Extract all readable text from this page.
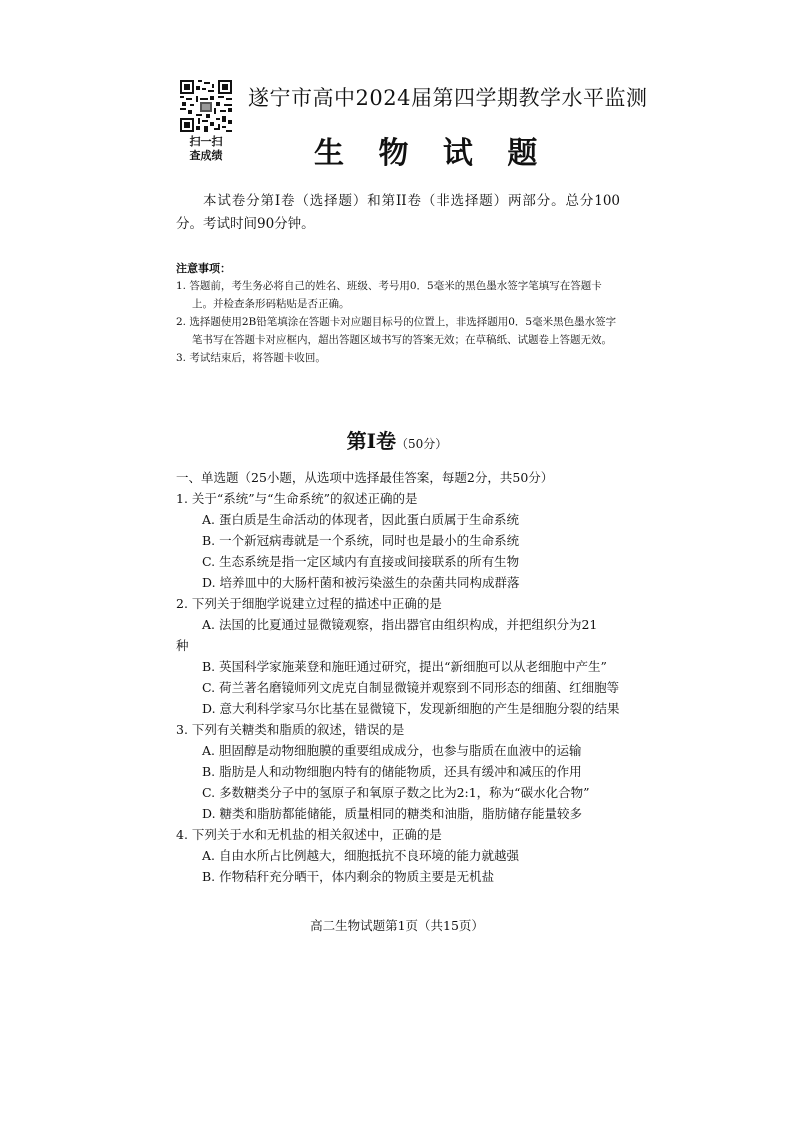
扫一扫
查成绩
遂宁市高中2024届第四学期教学水平监测
生 物 试 题
本试卷分第Ⅰ卷（选择题）和第II卷（非选择题）两部分。总分100分。考试时间90分钟。
注意事项：
1. 答题前，考生务必将自己的姓名、班级、考号用0．5毫米的黑色墨水签字笔填写在答题卡上。并检查条形码粘贴是否正确。
2. 选择题使用2B铅笔填涂在答题卡对应题目标号的位置上，非选择题用0．5毫米黑色墨水签字笔书写在答题卡对应框内，超出答题区域书写的答案无效；在草稿纸、试题卷上答题无效。
3. 考试结束后，将答题卡收回。
第Ⅰ卷（50分）
一、单选题（25小题，从选项中选择最佳答案，每题2分，共50分）
1. 关于“系统”与“生命系统”的叙述正确的是
A. 蛋白质是生命活动的体现者，因此蛋白质属于生命系统
B. 一个新冠病毒就是一个系统，同时也是最小的生命系统
C. 生态系统是指一定区域内有直接或间接联系的所有生物
D. 培养皿中的大肠杆菌和被污染滋生的杂菌共同构成群落
2. 下列关于细胞学说建立过程的描述中正确的是
A. 法国的比夏通过显微镜观察，指出器官由组织构成，并把组织分为21
种
B. 英国科学家施莱登和施旺通过研究，提出“新细胞可以从老细胞中产生”
C. 荷兰著名磨镜师列文虎克自制显微镜并观察到不同形态的细菌、红细胞等
D. 意大利科学家马尔比基在显微镜下，发现新细胞的产生是细胞分裂的结果
3. 下列有关糖类和脂质的叙述，错误的是
A. 胆固醇是动物细胞膜的重要组成成分，也参与脂质在血液中的运输
B. 脂肪是人和动物细胞内特有的储能物质，还具有缓冲和减压的作用
C. 多数糖类分子中的氢原子和氧原子数之比为2:1，称为“碳水化合物”
D. 糖类和脂肪都能储能，质量相同的糖类和油脂，脂肪储存能量较多
4. 下列关于水和无机盐的相关叙述中，正确的是
A. 自由水所占比例越大，细胞抵抗不良环境的能力就越强
B. 作物秸秆充分晒干，体内剩余的物质主要是无机盐
高二生物试题第1页（共15页）
